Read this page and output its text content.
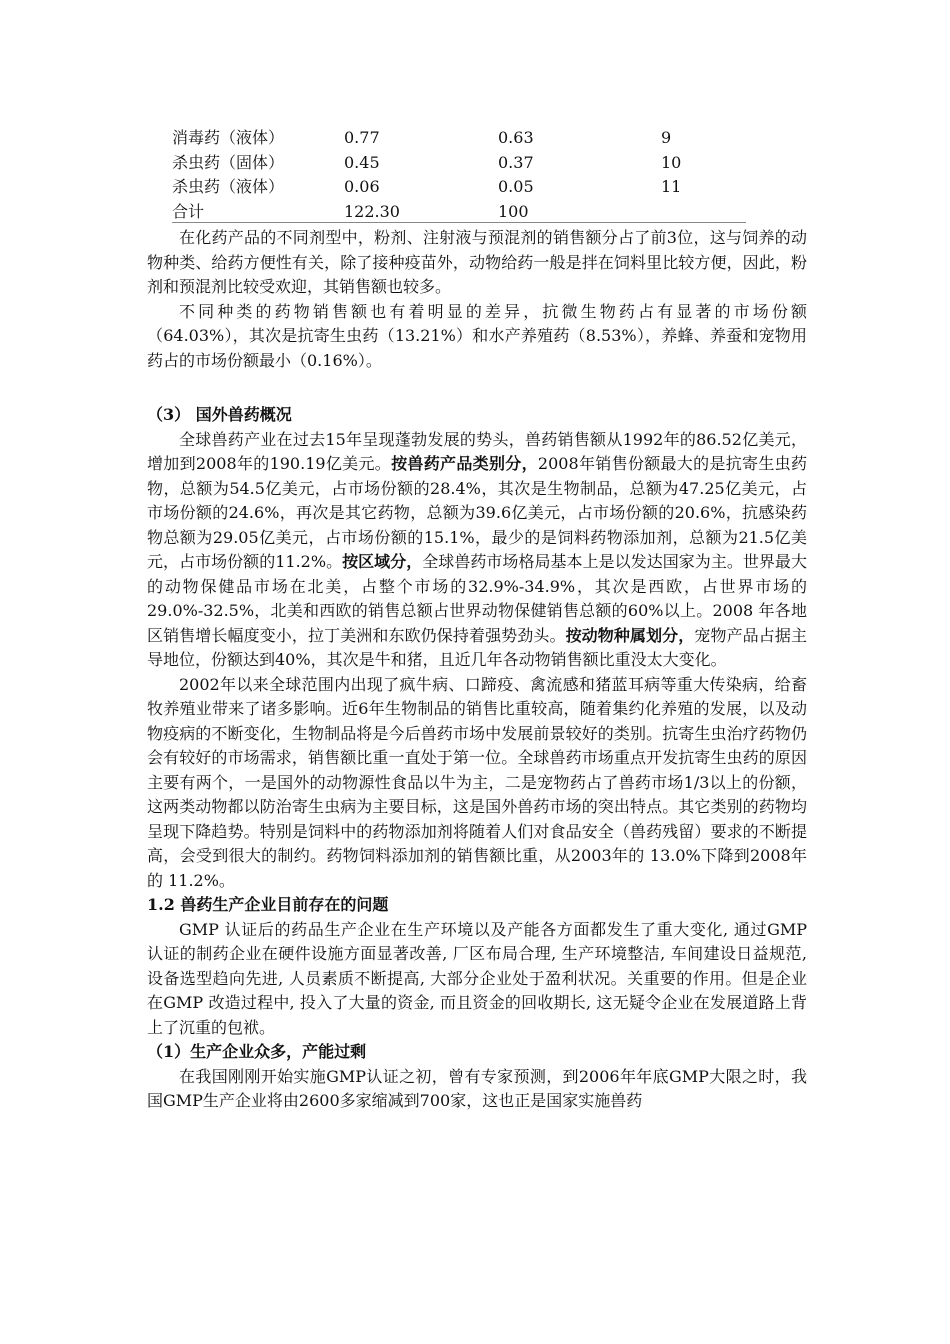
消毒药（液体）	0.77	0.63	9
杀虫药（固体）	0.45	0.37	10
杀虫药（液体）	0.06	0.05	11
合计	122.30	100

在化药产品的不同剂型中，粉剂、注射液与预混剂的销售额分占了前3位，这与饲养的动物种类、给药方便性有关，除了接种疫苗外，动物给药一般是拌在饲料里比较方便，因此，粉剂和预混剂比较受欢迎，其销售额也较多。

不同种类的药物销售额也有着明显的差异，抗微生物药占有显著的市场份额（64.03%），其次是抗寄生虫药（13.21%）和水产养殖药（8.53%），养蜂、养蚕和宠物用药占的市场份额最小（0.16%）。

（3） 国外兽药概况

全球兽药产业在过去15年呈现蓬勃发展的势头，兽药销售额从1992年的86.52亿美元，增加到2008年的190.19亿美元。按兽药产品类别分，2008年销售份额最大的是抗寄生虫药物，总额为54.5亿美元，占市场份额的28.4%，其次是生物制品，总额为47.25亿美元，占市场份额的24.6%，再次是其它药物，总额为39.6亿美元，占市场份额的20.6%，抗感染药物总额为29.05亿美元，占市场份额的15.1%，最少的是饲料药物添加剂，总额为21.5亿美元，占市场份额的11.2%。按区域分，全球兽药市场格局基本上是以发达国家为主。世界最大的动物保健品市场在北美，占整个市场的32.9%-34.9%，其次是西欧，占世界市场的29.0%-32.5%，北美和西欧的销售总额占世界动物保健销售总额的60%以上。2008 年各地区销售增长幅度变小，拉丁美洲和东欧仍保持着强势劲头。按动物种属划分，宠物产品占据主导地位，份额达到40%，其次是牛和猪，且近几年各动物销售额比重没太大变化。

2002年以来全球范围内出现了疯牛病、口蹄疫、禽流感和猪蓝耳病等重大传染病，给畜牧养殖业带来了诸多影响。近6年生物制品的销售比重较高，随着集约化养殖的发展，以及动物疫病的不断变化，生物制品将是今后兽药市场中发展前景较好的类别。抗寄生虫治疗药物仍会有较好的市场需求，销售额比重一直处于第一位。全球兽药市场重点开发抗寄生虫药的原因主要有两个，一是国外的动物源性食品以牛为主，二是宠物药占了兽药市场1/3以上的份额，这两类动物都以防治寄生虫病为主要目标，这是国外兽药市场的突出特点。其它类别的药物均呈现下降趋势。特别是饲料中的药物添加剂将随着人们对食品安全（兽药残留）要求的不断提高，会受到很大的制约。药物饲料添加剂的销售额比重，从2003年的 13.0%下降到2008年的 11.2%。

1.2 兽药生产企业目前存在的问题

GMP 认证后的药品生产企业在生产环境以及产能各方面都发生了重大变化, 通过GMP 认证的制药企业在硬件设施方面显著改善, 厂区布局合理, 生产环境整洁, 车间建设日益规范, 设备选型趋向先进, 人员素质不断提高, 大部分企业处于盈利状况。关重要的作用。但是企业在GMP 改造过程中, 投入了大量的资金, 而且资金的回收期长, 这无疑令企业在发展道路上背上了沉重的包袱。

（1）生产企业众多，产能过剩

在我国刚刚开始实施GMP认证之初，曾有专家预测，到2006年年底GMP大限之时，我国GMP生产企业将由2600多家缩减到700家，这也正是国家实施兽药
